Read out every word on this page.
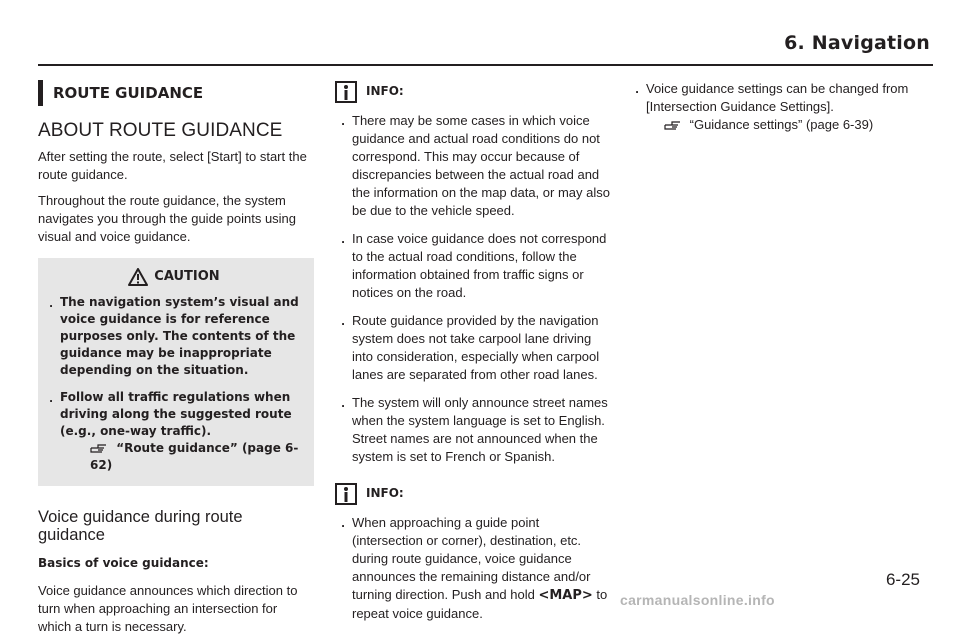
6. Navigation
ROUTE GUIDANCE
ABOUT ROUTE GUIDANCE

After setting the route, select [Start] to start the route guidance.

Throughout the route guidance, the system navigates you through the guide points using visual and voice guidance.

CAUTION
. The navigation system’s visual and voice guidance is for reference purposes only. The contents of the guidance may be inappropriate depending on the situation.
. Follow all traffic regulations when driving along the suggested route (e.g., one-way traffic).
“Route guidance” (page 6-62)
Voice guidance during route guidance
Basics of voice guidance:

Voice guidance announces which direction to turn when approaching an intersection for which a turn is necessary.

INFO:
. There may be some cases in which voice guidance and actual road conditions do not correspond. This may occur because of discrepancies between the actual road and the information on the map data, or may also be due to the vehicle speed.
. In case voice guidance does not correspond to the actual road conditions, follow the information obtained from traffic signs or notices on the road.
. Route guidance provided by the navigation system does not take carpool lane driving into consideration, especially when carpool lanes are separated from other road lanes.
. The system will only announce street names when the system language is set to English. Street names are not announced when the system is set to French or Spanish.
INFO:
. When approaching a guide point (intersection or corner), destination, etc. during route guidance, voice guidance announces the remaining distance and/or turning direction. Push and hold <MAP> to repeat voice guidance.
. Voice guidance settings can be changed from [Intersection Guidance Settings].
“Guidance settings” (page 6-39)
6-25
carmanualsonline.info
